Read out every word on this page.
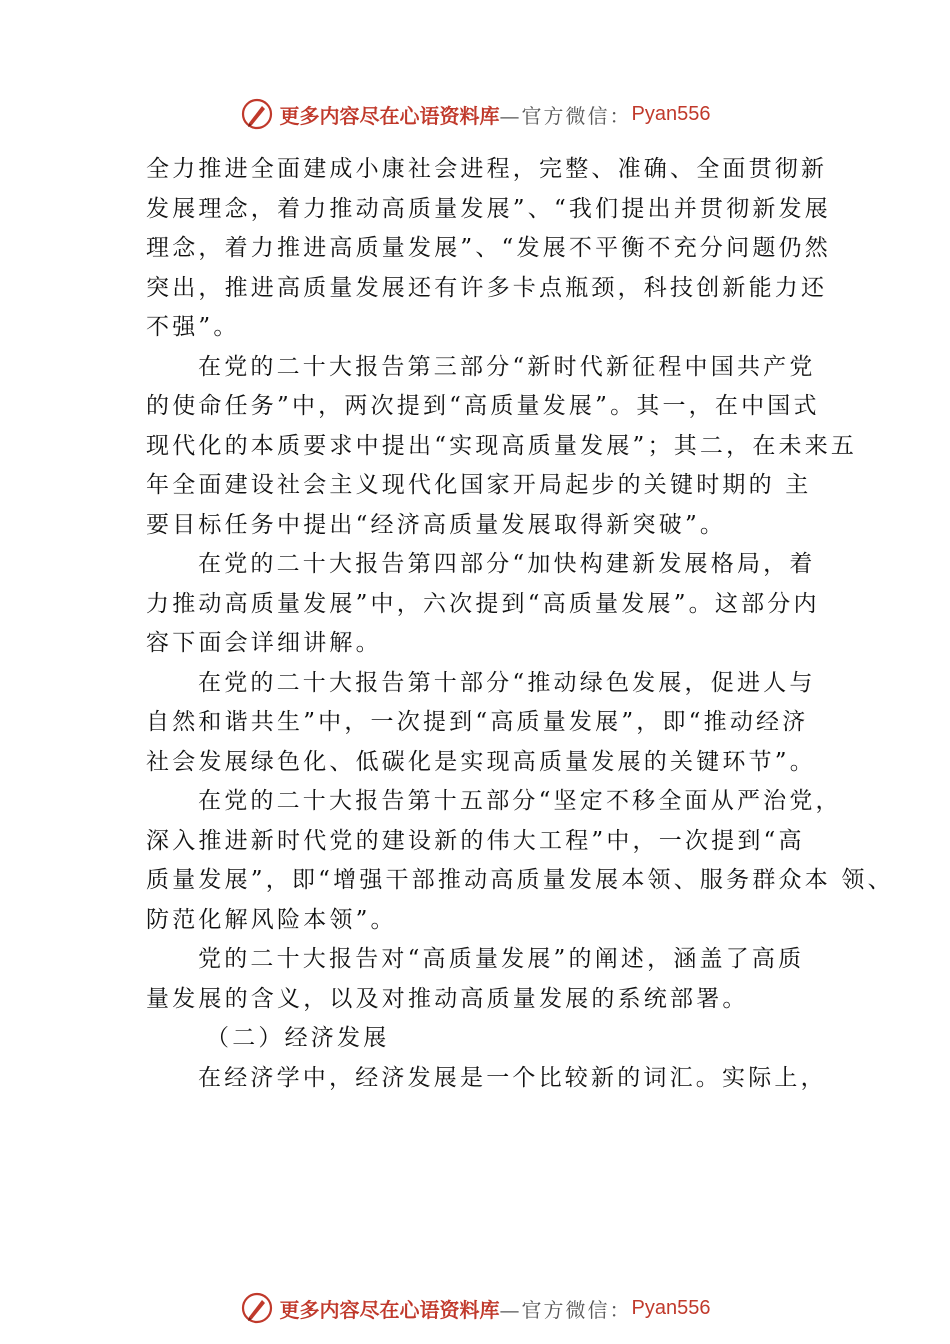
更多内容尽在心语资料库 —官方微信： Pyan556
全力推进全面建成小康社会进程，完整、准确、全面贯彻新
发展理念，着力推动高质量发展”、“我们提出并贯彻新发展
理念，着力推进高质量发展”、“发展不平衡不充分问题仍然
突出，推进高质量发展还有许多卡点瓶颈，科技创新能力还
不强”。
在党的二十大报告第三部分“新时代新征程中国共产党
的使命任务”中，两次提到“高质量发展”。其一，在中国式
现代化的本质要求中提出“实现高质量发展”；其二，在未来五
年全面建设社会主义现代化国家开局起步的关键时期的 主
要目标任务中提出“经济高质量发展取得新突破”。
在党的二十大报告第四部分“加快构建新发展格局，着
力推动高质量发展”中，六次提到“高质量发展”。这部分内
容下面会详细讲解。
在党的二十大报告第十部分“推动绿色发展，促进人与
自然和谐共生”中，一次提到“高质量发展”，即“推动经济
社会发展绿色化、低碳化是实现高质量发展的关键环节”。
在党的二十大报告第十五部分“坚定不移全面从严治党，
深入推进新时代党的建设新的伟大工程”中，一次提到“高
质量发展”，即“增强干部推动高质量发展本领、服务群众本 领、
防范化解风险本领”。
党的二十大报告对“高质量发展”的阐述，涵盖了高质
量发展的含义，以及对推动高质量发展的系统部署。
（二）经济发展
在经济学中，经济发展是一个比较新的词汇。实际上，
更多内容尽在心语资料库 —官方微信： Pyan556
